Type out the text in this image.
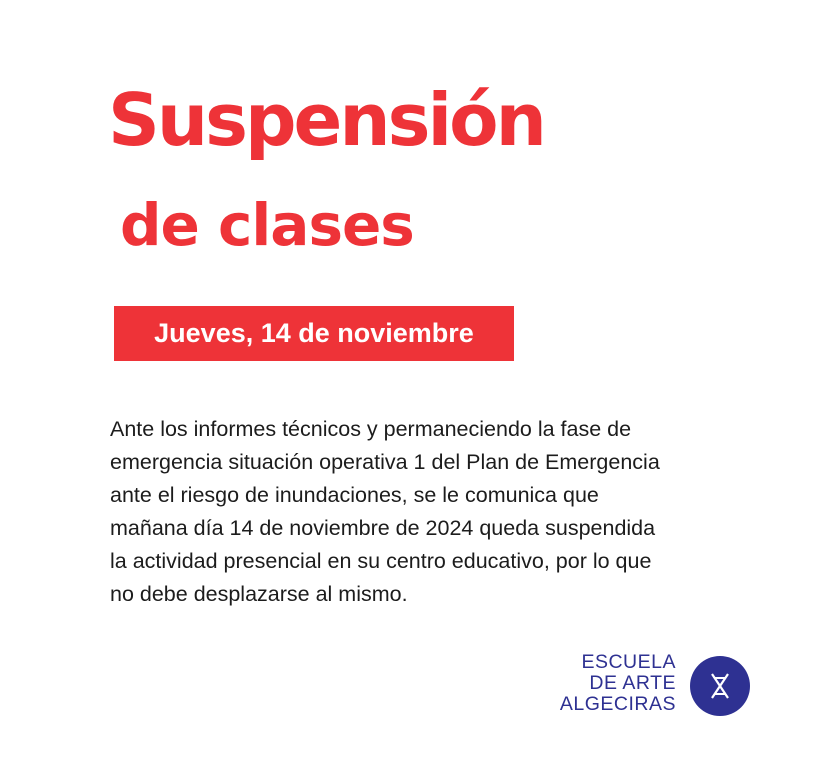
Suspensión
de clases
Jueves, 14 de noviembre
Ante los informes técnicos y permaneciendo la fase de
emergencia situación operativa 1 del Plan de Emergencia
ante el riesgo de inundaciones, se le comunica que
mañana día 14 de noviembre de 2024 queda suspendida
la actividad presencial en su centro educativo, por lo que
no debe desplazarse al mismo.
ESCUELA
DE ARTE
ALGECIRAS
